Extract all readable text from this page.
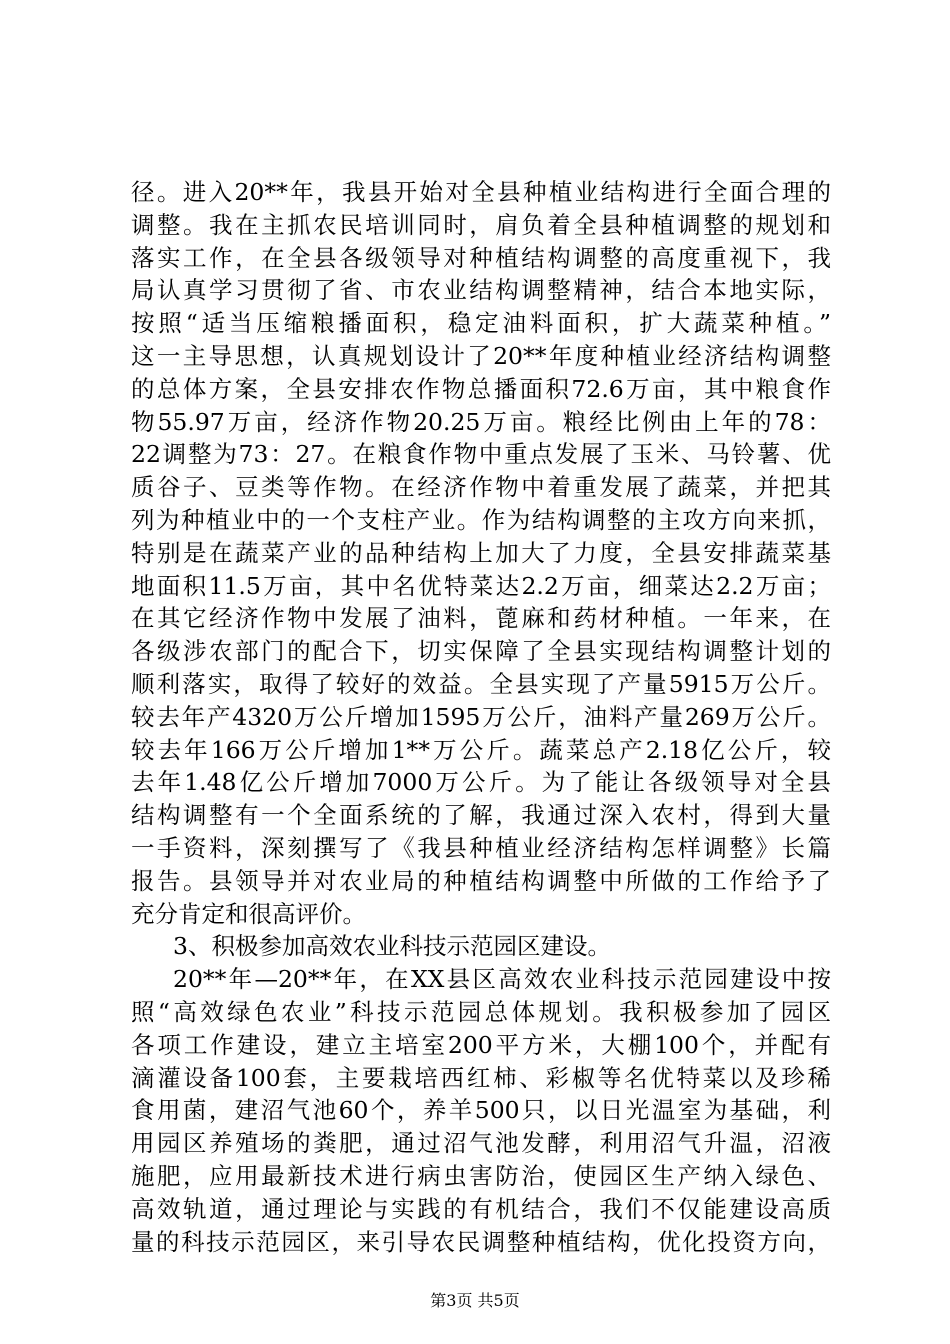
径。进入20**年，我县开始对全县种植业结构进行全面合理的
调整。我在主抓农民培训同时，肩负着全县种植调整的规划和
落实工作，在全县各级领导对种植结构调整的高度重视下，我
局认真学习贯彻了省、市农业结构调整精神，结合本地实际，
按照“适当压缩粮播面积，稳定油料面积，扩大蔬菜种植。”
这一主导思想，认真规划设计了20**年度种植业经济结构调整
的总体方案，全县安排农作物总播面积72.6万亩，其中粮食作
物55.97万亩，经济作物20.25万亩。粮经比例由上年的78：
22调整为73：27。在粮食作物中重点发展了玉米、马铃薯、优
质谷子、豆类等作物。在经济作物中着重发展了蔬菜，并把其
列为种植业中的一个支柱产业。作为结构调整的主攻方向来抓，
特别是在蔬菜产业的品种结构上加大了力度，全县安排蔬菜基
地面积11.5万亩，其中名优特菜达2.2万亩，细菜达2.2万亩；
在其它经济作物中发展了油料，蓖麻和药材种植。一年来，在
各级涉农部门的配合下，切实保障了全县实现结构调整计划的
顺利落实，取得了较好的效益。全县实现了产量5915万公斤。
较去年产4320万公斤增加1595万公斤，油料产量269万公斤。
较去年166万公斤增加1**万公斤。蔬菜总产2.18亿公斤，较
去年1.48亿公斤增加7000万公斤。为了能让各级领导对全县
结构调整有一个全面系统的了解，我通过深入农村，得到大量
一手资料，深刻撰写了《我县种植业经济结构怎样调整》长篇
报告。县领导并对农业局的种植结构调整中所做的工作给予了
充分肯定和很高评价。
3、积极参加高效农业科技示范园区建设。
20**年—20**年，在XX县区高效农业科技示范园建设中按
照“高效绿色农业”科技示范园总体规划。我积极参加了园区
各项工作建设，建立主培室200平方米，大棚100个，并配有
滴灌设备100套，主要栽培西红柿、彩椒等名优特菜以及珍稀
食用菌，建沼气池60个，养羊500只，以日光温室为基础，利
用园区养殖场的粪肥，通过沼气池发酵，利用沼气升温，沼液
施肥，应用最新技术进行病虫害防治，使园区生产纳入绿色、
高效轨道，通过理论与实践的有机结合，我们不仅能建设高质
量的科技示范园区，来引导农民调整种植结构，优化投资方向，
第3页 共5页
